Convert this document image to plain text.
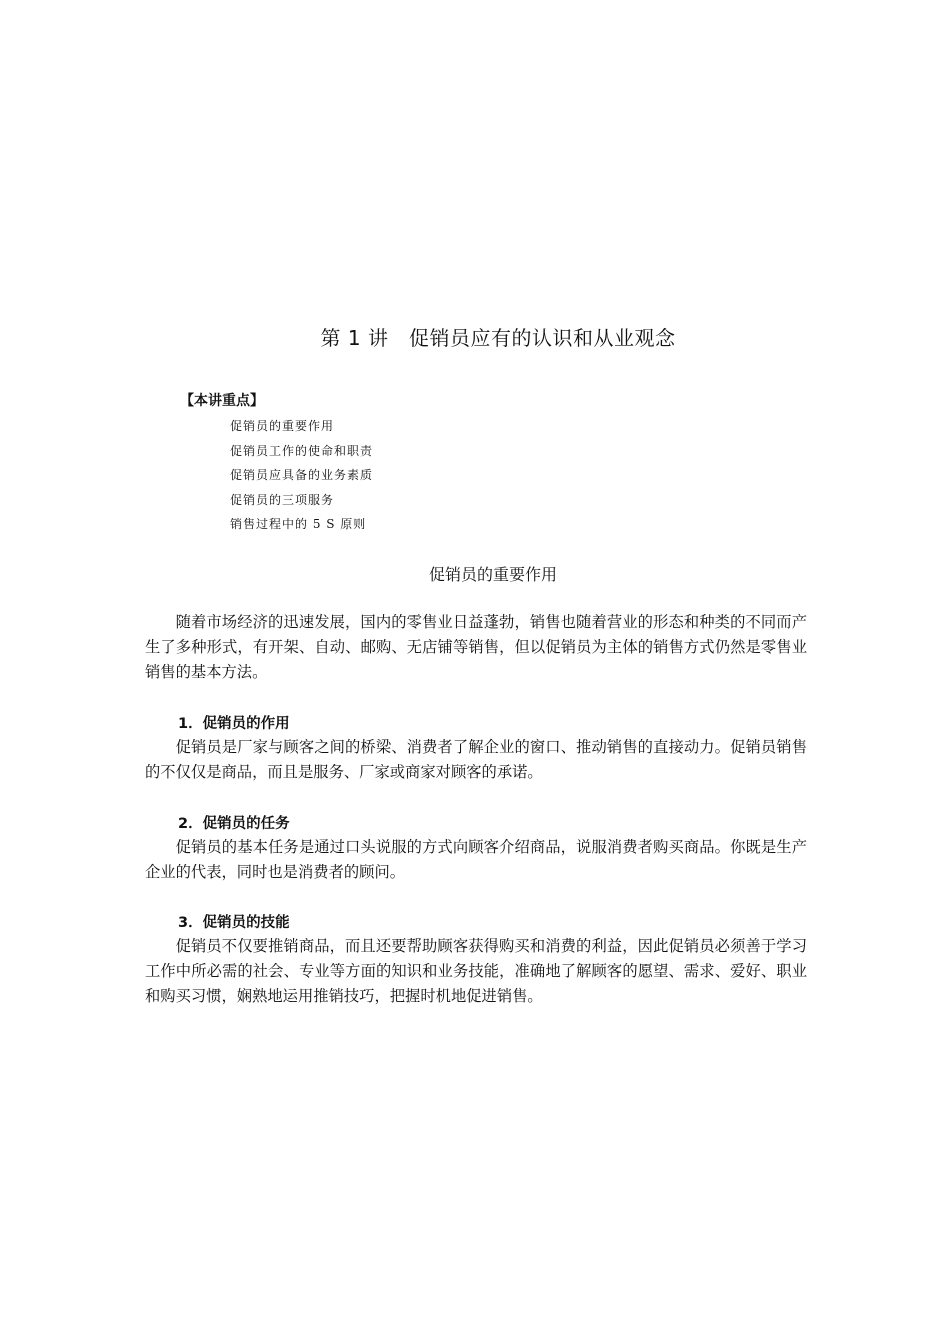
第 1 讲　促销员应有的认识和从业观念
【本讲重点】
促销员的重要作用
促销员工作的使命和职责
促销员应具备的业务素质
促销员的三项服务
销售过程中的 5 S 原则
促销员的重要作用

随着市场经济的迅速发展，国内的零售业日益蓬勃，销售也随着营业的形态和种类的不同而产生了多种形式，有开架、自动、邮购、无店铺等销售，但以促销员为主体的销售方式仍然是零售业销售的基本方法。

1．促销员的作用

促销员是厂家与顾客之间的桥梁、消费者了解企业的窗口、推动销售的直接动力。促销员销售的不仅仅是商品，而且是服务、厂家或商家对顾客的承诺。

2．促销员的任务

促销员的基本任务是通过口头说服的方式向顾客介绍商品，说服消费者购买商品。你既是生产企业的代表，同时也是消费者的顾问。

3．促销员的技能

促销员不仅要推销商品，而且还要帮助顾客获得购买和消费的利益，因此促销员必须善于学习工作中所必需的社会、专业等方面的知识和业务技能，准确地了解顾客的愿望、需求、爱好、职业和购买习惯，娴熟地运用推销技巧，把握时机地促进销售。
